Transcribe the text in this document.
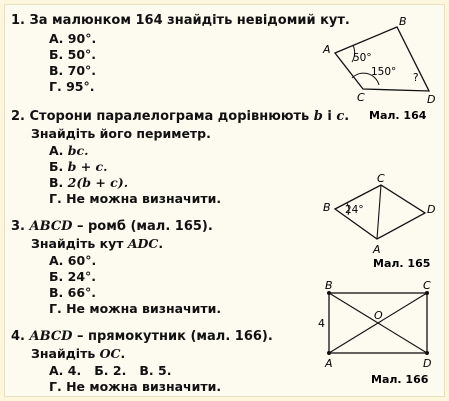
1. За малюнком 164 знайдіть невідомий кут.
А. 90°.
Б. 50°.
В. 70°.
Г. 95°.
A
B
C	D
50°
150° ?
Мал. 164
2. Сторони паралелограма дорівнюють b і c.
Знайдіть його периметр.
А. bc.
Б. b + c.
В. 2(b + c).
Г. Не можна визначити.
B
C
D
A
24°
Мал. 165
3. ABCD – ромб (мал. 165).
Знайдіть кут ADC.
А. 60°.
Б. 24°.
В. 66°.
Г. Не можна визначити.
B	C
A	D
O
4
Мал. 166
4. ABCD – прямокутник (мал. 166).
Знайдіть OC.
А. 4.   Б. 2.   В. 5.
Г. Не можна визначити.
